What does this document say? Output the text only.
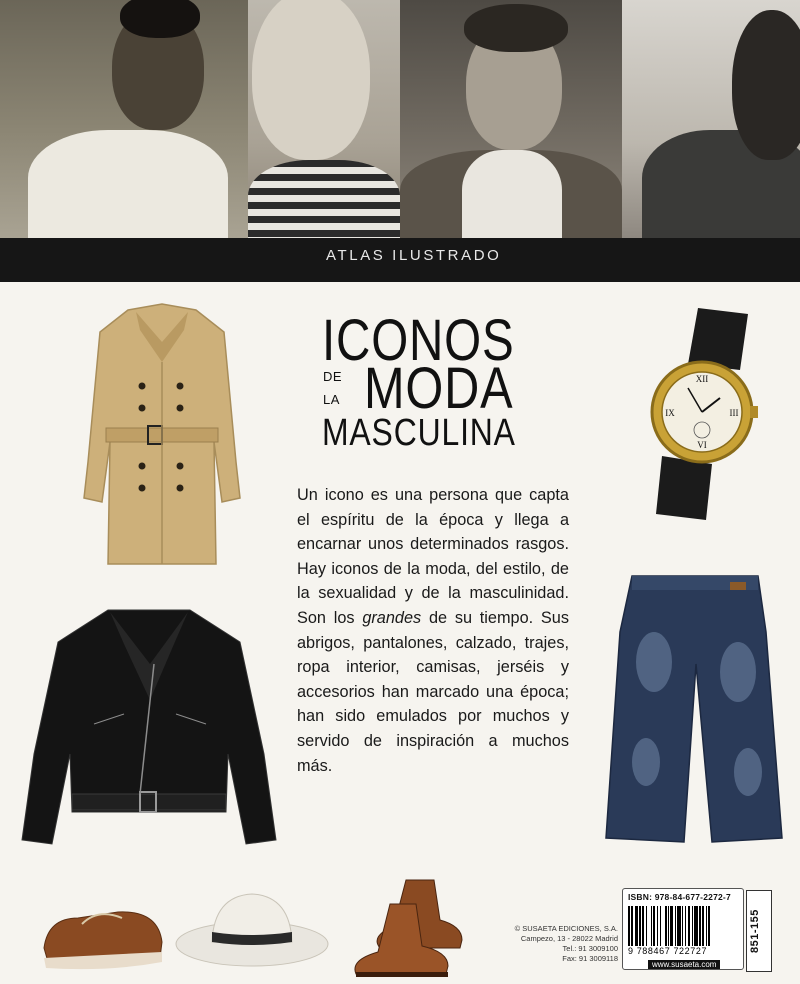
ATLAS ILUSTRADO
ICONOS
DE
LA MODA
MASCULINA

Un icono es una persona que capta el espíritu de la época y llega a encarnar unos determinados rasgos. Hay iconos de la moda, del estilo, de la sexualidad y de la masculinidad. Son los grandes de su tiempo. Sus abrigos, pantalones, calzado, trajes, ropa interior, camisas, jerséis y accesorios han marcado una época; han sido emulados por muchos y servido de inspiración a muchos más.

XII
III
VI
IX
© SUSAETA EDICIONES, S.A.
Campezo, 13 - 28022 Madrid
Tel.: 91 3009100
Fax: 91 3009118
ISBN: 978-84-677-2272-7
9 788467 722727
www.susaeta.com
851-155
